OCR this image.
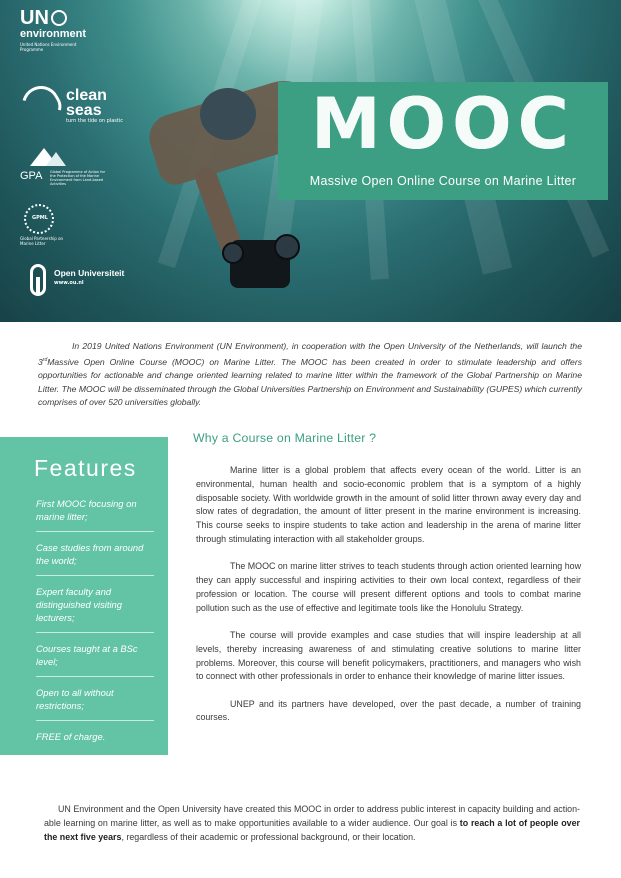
UN
environment
United Nations Environment Programme
clean seas
turn the tide on plastic
GPA Global Programme of Action for the Protection of the Marine Environment from Land-based Activities
GPML
Global Partnership on Marine Litter
Open Universiteit
www.ou.nl
MOOC
Massive Open Online Course on Marine Litter

In 2019 United Nations Environment (UN Environment), in cooperation with the Open University of the Netherlands, will launch the 3rdMassive Open Online Course (MOOC) on Marine Litter. The MOOC has been created in order to stimulate leadership and offers opportunities for actionable and change oriented learning related to marine litter within the framework of the Global Partnership on Marine Litter. The MOOC will be disseminated through the Global Universities Partnership on Environment and Sustainability (GUPES) which currently comprises of over 520 universities globally.

Features
First MOOC focusing on marine litter;
Case studies from around the world;
Expert faculty and distinguished visiting lecturers;
Courses taught at a BSc level;
Open to all without restrictions;
FREE of charge.
Why a Course on Marine Litter ?

Marine litter is a global problem that affects every ocean of the world. Litter is an environmental, human health and socio-economic problem that is a symptom of a highly disposable society. With worldwide growth in the amount of solid litter thrown away every day and slow rates of degradation, the amount of litter present in the marine environment is increasing. This course seeks to inspire students to take action and leadership in the arena of marine litter through stimulating interaction with all stakeholder groups.

The MOOC on marine litter strives to teach students through action oriented learning how they can apply successful and inspiring activities to their own local context, regardless of their profession or location. The course will present different options and tools to combat marine pollution such as the use of effective and legitimate tools like the Honolulu Strategy.

The course will provide examples and case studies that will inspire leadership at all levels, thereby increasing awareness of and stimulating creative solutions to marine litter problems. Moreover, this course will benefit policymakers, practitioners, and managers who wish to connect with other professionals in order to enhance their knowledge of marine litter issues.

UNEP and its partners have developed, over the past decade, a number of training courses.

UN Environment and the Open University have created this MOOC in order to address public interest in capacity building and action- able learning on marine litter, as well as to make opportunities available to a wider audience. Our goal is to reach a lot of people over the next five years, regardless of their academic or professional background, or their location.
